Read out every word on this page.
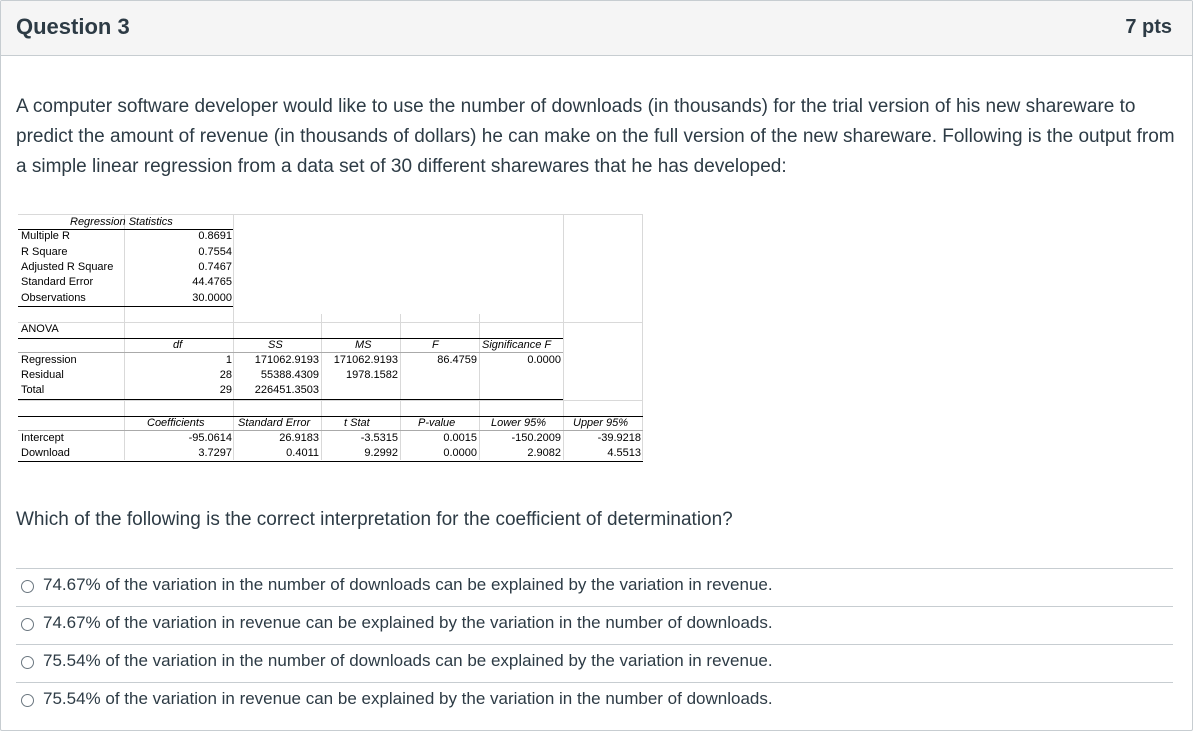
Question 3	7 pts
A computer software developer would like to use the number of downloads (in thousands) for the trial version of his new shareware to predict the amount of revenue (in thousands of dollars) he can make on the full version of the new shareware. Following is the output from a simple linear regression from a data set of 30 different sharewares that he has developed:
Regression Statistics
Multiple R	0.8691
R Square	0.7554
Adjusted R Square	0.7467
Standard Error	44.4765
Observations	30.0000
ANOVA
df	SS	MS	F	Significance F
Regression	1 171062.9193 171062.9193	86.4759	0.0000
Residual	28	55388.4309 1978.1582
Total	29 226451.3503
Coefficients	Standard Error	t Stat	P-value	Lower 95% Upper 95%
Intercept	-95.0614	26.9183	-3.5315	0.0015	-150.2009	-39.9218
Download	3.7297	0.4011	9.2992	0.0000	2.9082	4.5513
Which of the following is the correct interpretation for the coefficient of determination?
74.67% of the variation in the number of downloads can be explained by the variation in revenue.
74.67% of the variation in revenue can be explained by the variation in the number of downloads.
75.54% of the variation in the number of downloads can be explained by the variation in revenue.
75.54% of the variation in revenue can be explained by the variation in the number of downloads.
